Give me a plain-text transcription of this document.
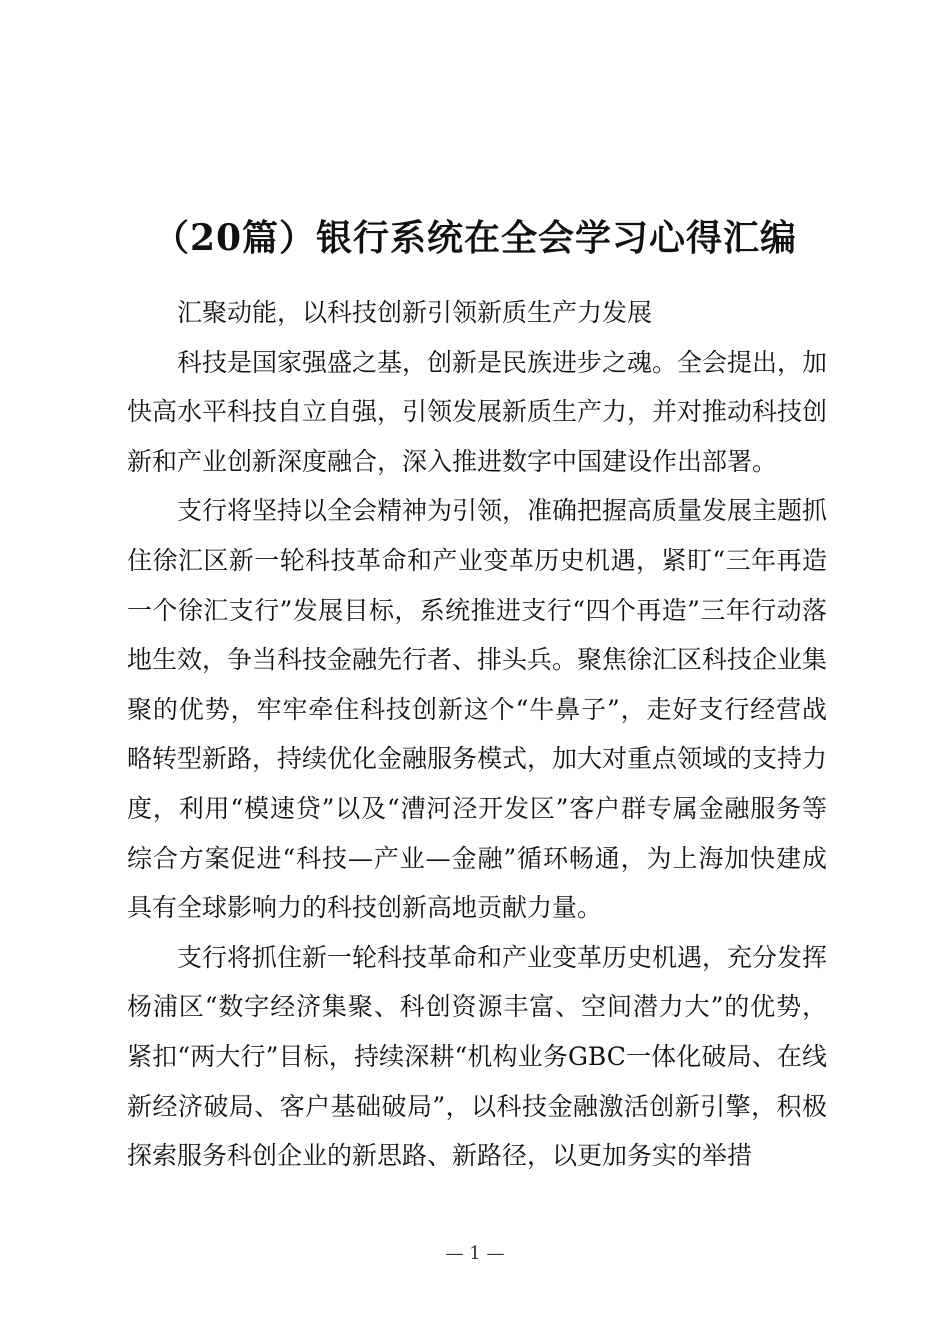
（20篇）银行系统在全会学习心得汇编

汇聚动能，以科技创新引领新质生产力发展

科技是国家强盛之基，创新是民族进步之魂。全会提出，加快高水平科技自立自强，引领发展新质生产力，并对推动科技创新和产业创新深度融合，深入推进数字中国建设作出部署。

支行将坚持以全会精神为引领，准确把握高质量发展主题抓住徐汇区新一轮科技革命和产业变革历史机遇，紧盯“三年再造一个徐汇支行”发展目标，系统推进支行“四个再造”三年行动落地生效，争当科技金融先行者、排头兵。聚焦徐汇区科技企业集聚的优势，牢牢牵住科技创新这个“牛鼻子”，走好支行经营战略转型新路，持续优化金融服务模式，加大对重点领域的支持力度，利用“模速贷”以及“漕河泾开发区”客户群专属金融服务等综合方案促进“科技—产业—金融”循环畅通，为上海加快建成具有全球影响力的科技创新高地贡献力量。

支行将抓住新一轮科技革命和产业变革历史机遇，充分发挥杨浦区“数字经济集聚、科创资源丰富、空间潜力大”的优势，紧扣“两大行”目标，持续深耕“机构业务GBC一体化破局、在线新经济破局、客户基础破局”，以科技金融激活创新引擎，积极探索服务科创企业的新思路、新路径，以更加务实的举措

— 1 —
